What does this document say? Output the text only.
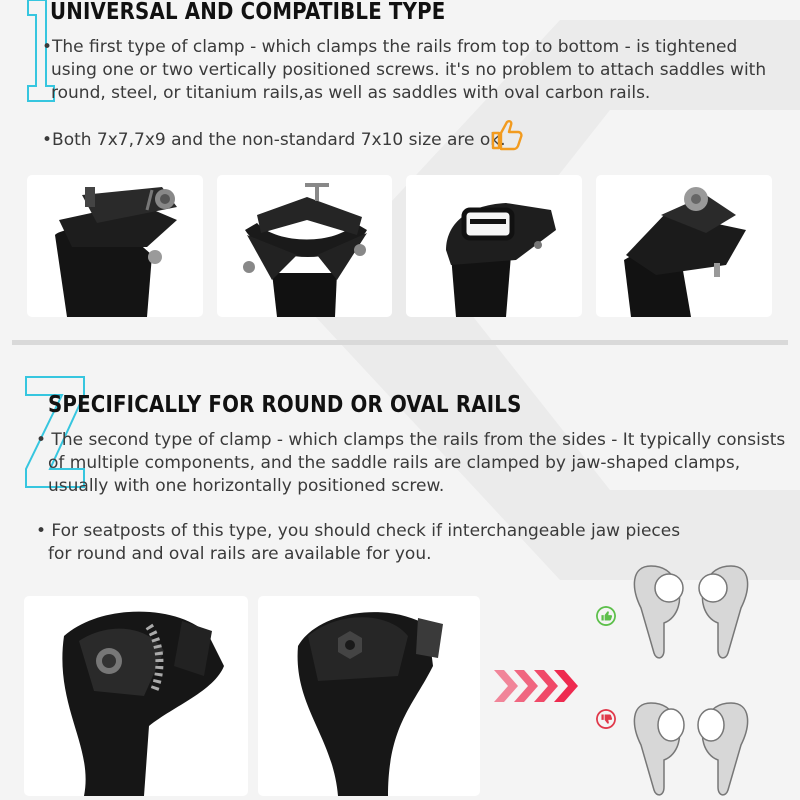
UNIVERSAL AND COMPATIBLE TYPE

•The first type of clamp - which clamps the rails from top to bottom - is tightened
using one or two vertically positioned screws. it's no problem to attach saddles with
round, steel, or titanium rails,as well as saddles with oval carbon rails.

•Both 7x7,7x9 and the non-standard 7x10 size are ok.

SPECIFICALLY FOR ROUND OR OVAL RAILS

• The second type of clamp - which clamps the rails from the sides - It typically consists
of multiple components, and the saddle rails are clamped by jaw-shaped clamps,
usually with one horizontally positioned screw.

• For seatposts of this type, you should check if interchangeable jaw pieces
for round and oval rails are available for you.
